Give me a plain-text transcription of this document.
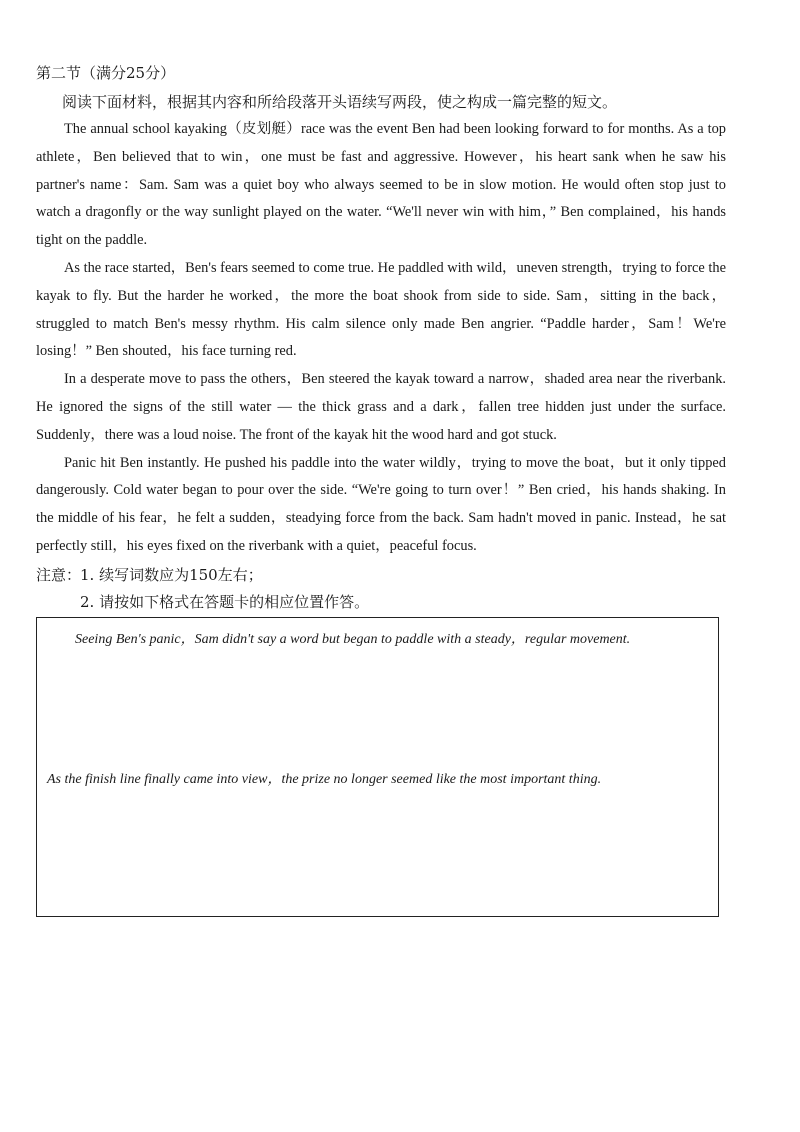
第二节（满分25分）
阅读下面材料，根据其内容和所给段落开头语续写两段，使之构成一篇完整的短文。

The annual school kayaking（皮划艇）race was the event Ben had been looking forward to for months. As a top athlete，Ben believed that to win，one must be fast and aggressive. However，his heart sank when he saw his partner's name：Sam. Sam was a quiet boy who always seemed to be in slow motion. He would often stop just to watch a dragonfly or the way sunlight played on the water. “We'll never win with him，” Ben complained，his hands tight on the paddle.

As the race started，Ben's fears seemed to come true. He paddled with wild，uneven strength，trying to force the kayak to fly. But the harder he worked，the more the boat shook from side to side. Sam，sitting in the back，struggled to match Ben's messy rhythm. His calm silence only made Ben angrier. “Paddle harder，Sam！We're losing！” Ben shouted，his face turning red.

In a desperate move to pass the others，Ben steered the kayak toward a narrow，shaded area near the riverbank. He ignored the signs of the still water — the thick grass and a dark，fallen tree hidden just under the surface. Suddenly，there was a loud noise. The front of the kayak hit the wood hard and got stuck.

Panic hit Ben instantly. He pushed his paddle into the water wildly，trying to move the boat，but it only tipped dangerously. Cold water began to pour over the side. “We're going to turn over！” Ben cried，his hands shaking. In the middle of his fear，he felt a sudden，steadying force from the back. Sam hadn't moved in panic. Instead，he sat perfectly still，his eyes fixed on the riverbank with a quiet，peaceful focus.

注意：1. 续写词数应为150左右；
2. 请按如下格式在答题卡的相应位置作答。
Seeing Ben's panic，Sam didn't say a word but began to paddle with a steady，regular movement.
As the finish line finally came into view，the prize no longer seemed like the most important thing.
